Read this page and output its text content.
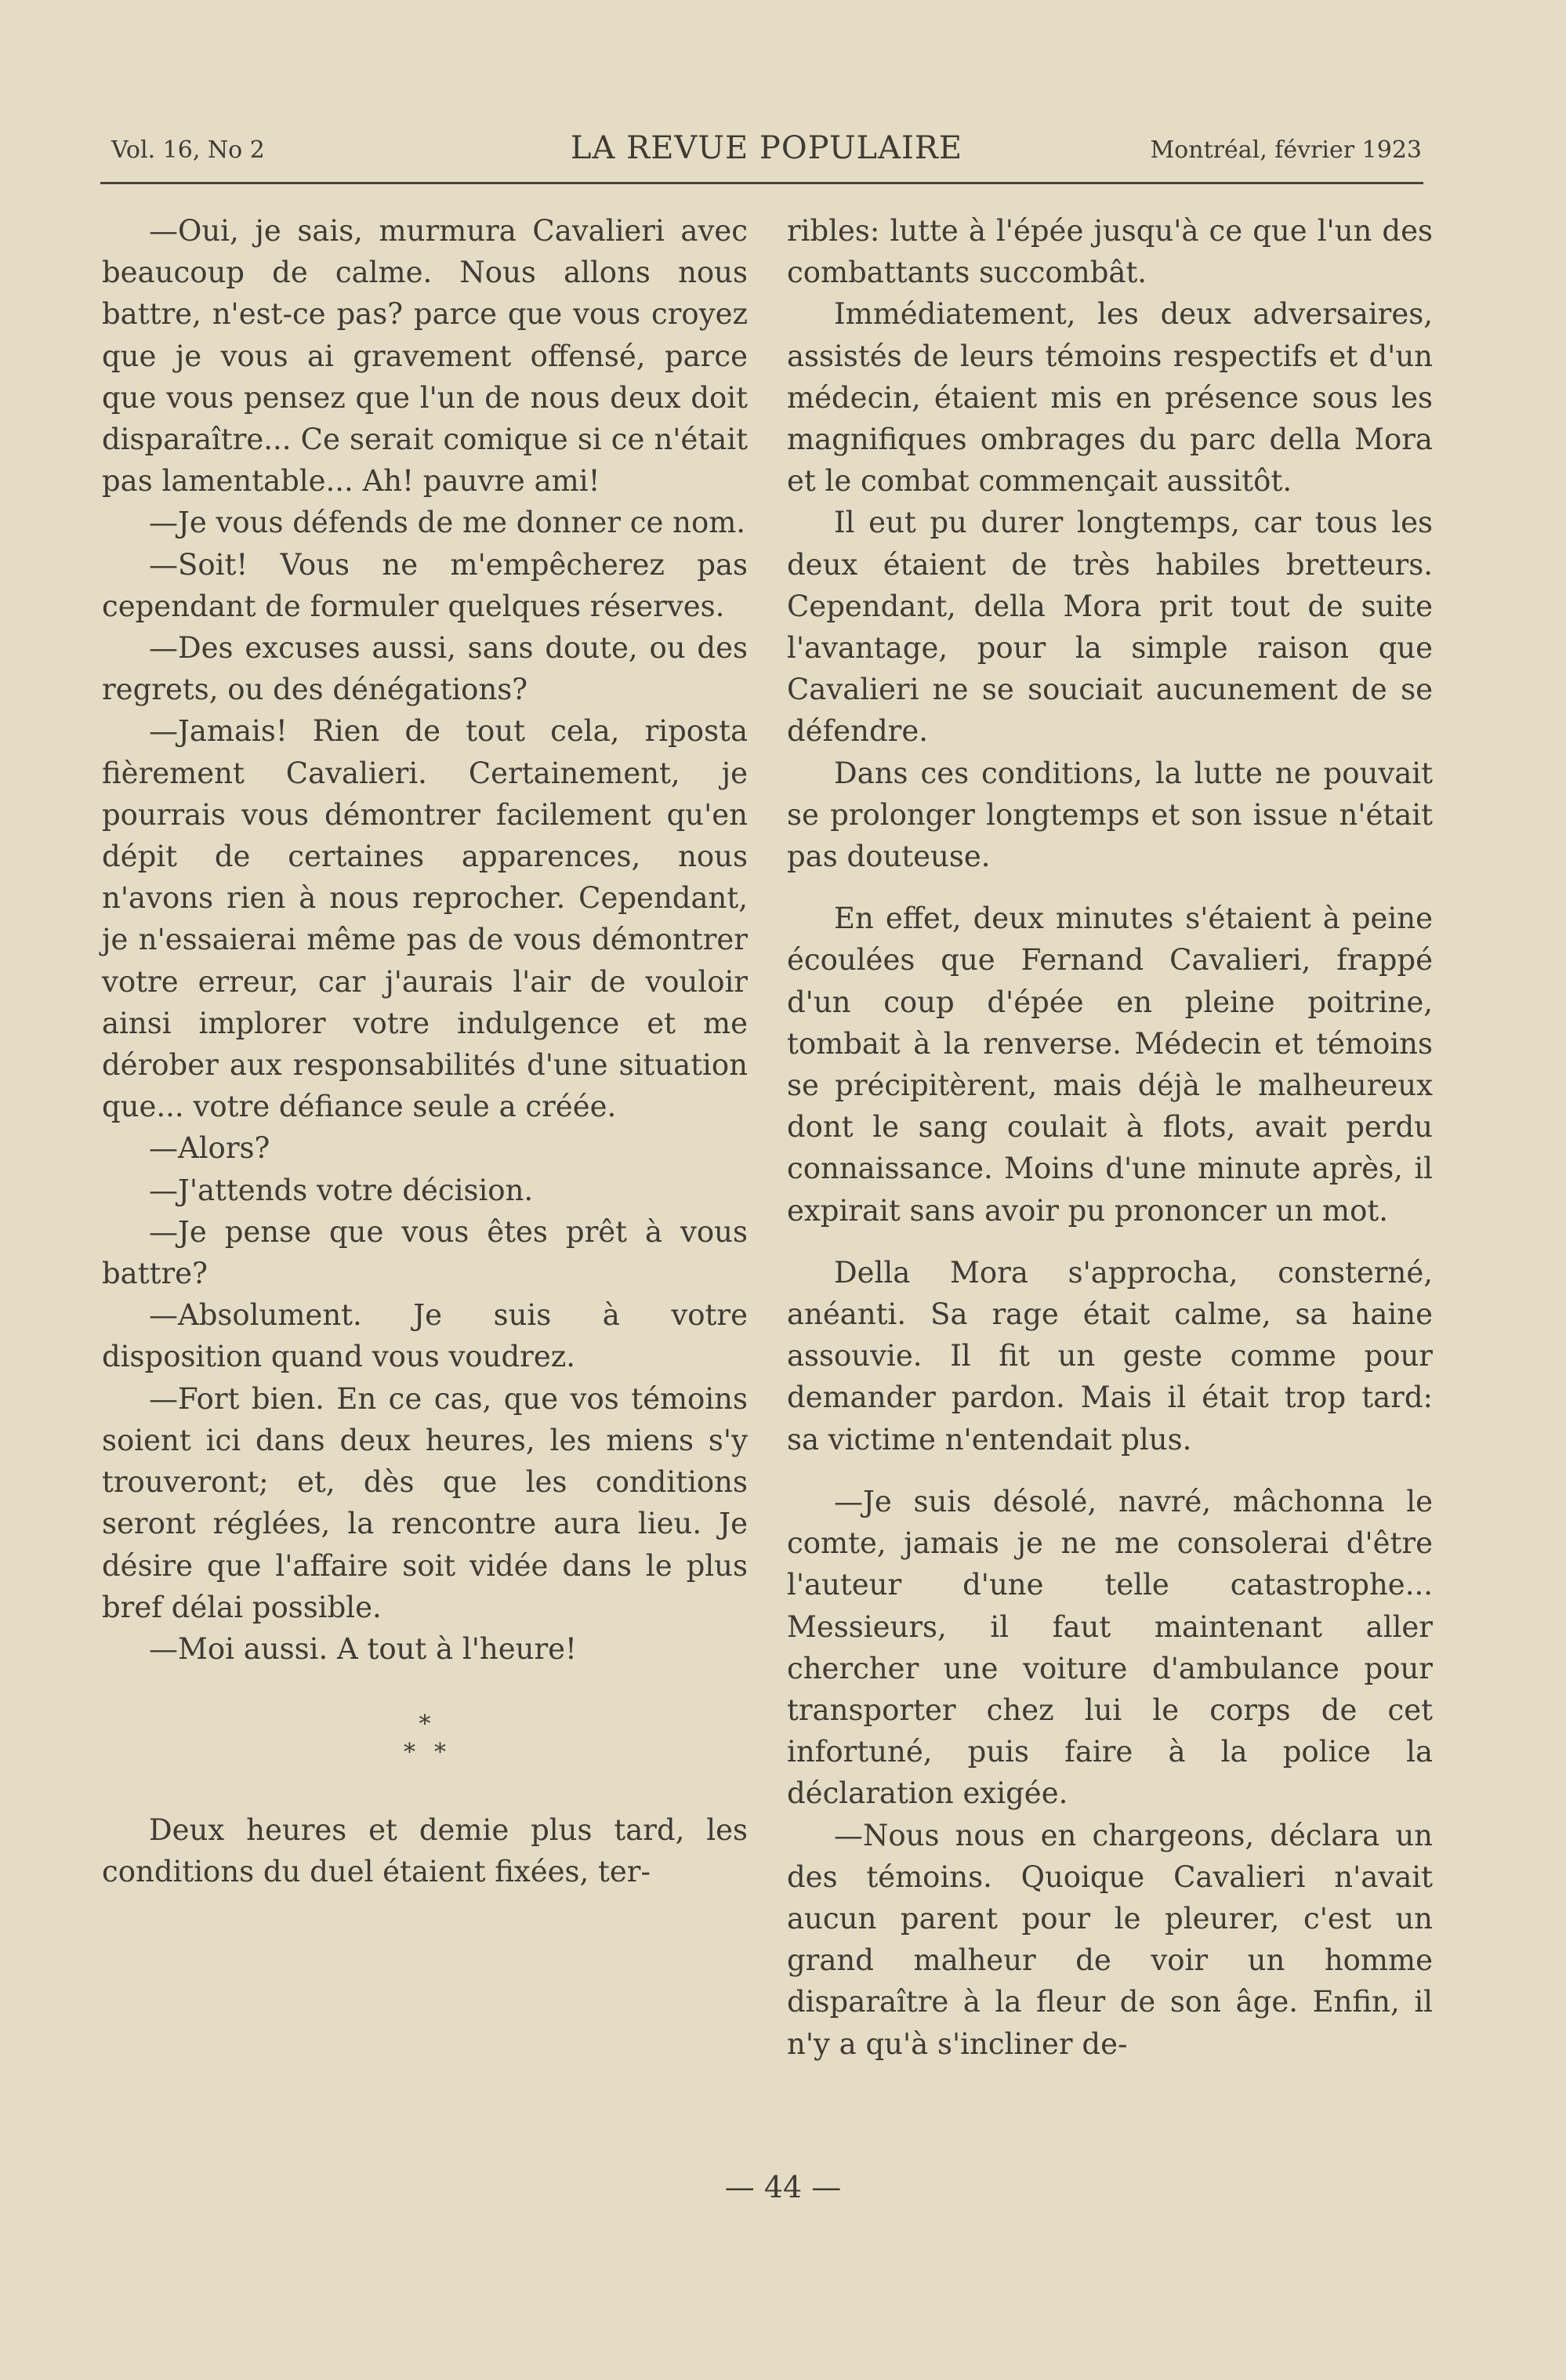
Vol. 16, No 2	LA REVUE POPULAIRE	Montréal, février 1923

—Oui, je sais, murmura Cavalieri avec beaucoup de calme. Nous allons nous battre, n'est-ce pas? parce que vous croyez que je vous ai gravement offensé, parce que vous pensez que l'un de nous deux doit disparaître... Ce serait comique si ce n'était pas lamentable... Ah! pauvre ami!

—Je vous défends de me donner ce nom.

—Soit! Vous ne m'empêcherez pas cependant de formuler quelques réserves.

—Des excuses aussi, sans doute, ou des regrets, ou des dénégations?

—Jamais! Rien de tout cela, riposta fièrement Cavalieri. Certainement, je pourrais vous démontrer facilement qu'en dépit de certaines apparences, nous n'avons rien à nous reprocher. Cependant, je n'essaierai même pas de vous démontrer votre erreur, car j'aurais l'air de vouloir ainsi implorer votre indulgence et me dérober aux responsabilités d'une situation que... votre défiance seule a créée.

—Alors?

—J'attends votre décision.

—Je pense que vous êtes prêt à vous battre?

—Absolument. Je suis à votre disposition quand vous voudrez.

—Fort bien. En ce cas, que vos témoins soient ici dans deux heures, les miens s'y trouveront; et, dès que les conditions seront réglées, la rencontre aura lieu. Je désire que l'affaire soit vidée dans le plus bref délai possible.

—Moi aussi. A tout à l'heure!

*
**

Deux heures et demie plus tard, les conditions du duel étaient fixées, ter-

ribles: lutte à l'épée jusqu'à ce que l'un des combattants succombât.

Immédiatement, les deux adversaires, assistés de leurs témoins respectifs et d'un médecin, étaient mis en présence sous les magnifiques ombrages du parc della Mora et le combat commençait aussitôt.

Il eut pu durer longtemps, car tous les deux étaient de très habiles bretteurs. Cependant, della Mora prit tout de suite l'avantage, pour la simple raison que Cavalieri ne se souciait aucunement de se défendre.

Dans ces conditions, la lutte ne pouvait se prolonger longtemps et son issue n'était pas douteuse.

En effet, deux minutes s'étaient à peine écoulées que Fernand Cavalieri, frappé d'un coup d'épée en pleine poitrine, tombait à la renverse. Médecin et témoins se précipitèrent, mais déjà le malheureux dont le sang coulait à flots, avait perdu connaissance. Moins d'une minute après, il expirait sans avoir pu prononcer un mot.

Della Mora s'approcha, consterné, anéanti. Sa rage était calme, sa haine assouvie. Il fit un geste comme pour demander pardon. Mais il était trop tard: sa victime n'entendait plus.

—Je suis désolé, navré, mâchonna le comte, jamais je ne me consolerai d'être l'auteur d'une telle catastrophe... Messieurs, il faut maintenant aller chercher une voiture d'ambulance pour transporter chez lui le corps de cet infortuné, puis faire à la police la déclaration exigée.

—Nous nous en chargeons, déclara un des témoins. Quoique Cavalieri n'avait aucun parent pour le pleurer, c'est un grand malheur de voir un homme disparaître à la fleur de son âge. Enfin, il n'y a qu'à s'incliner de-

— 44 —
